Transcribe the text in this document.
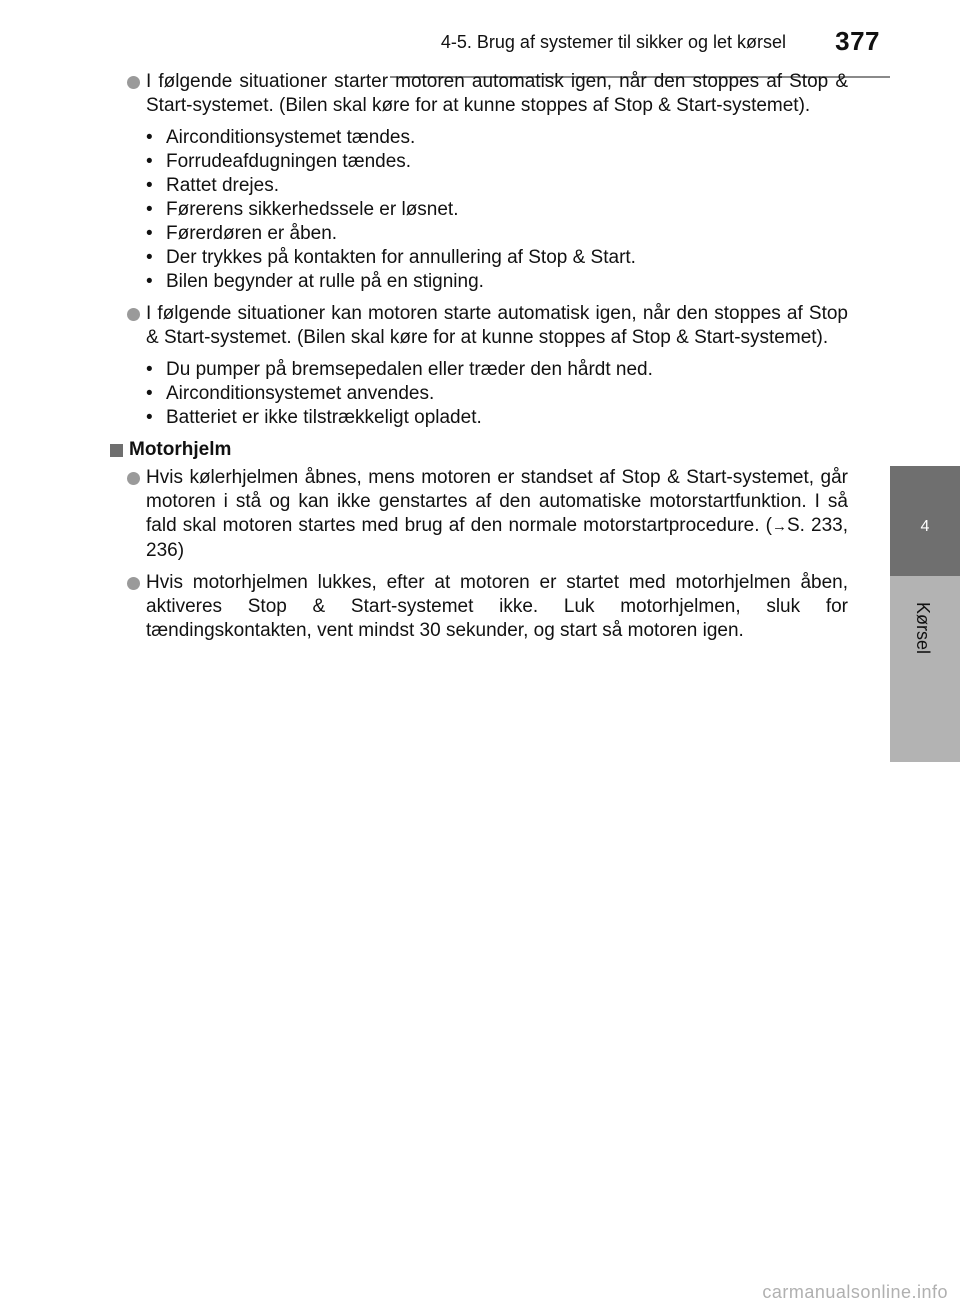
4-5. Brug af systemer til sikker og let kørsel 377
4
Kørsel
I følgende situationer starter motoren automatisk igen, når den stoppes af Stop & Start-systemet. (Bilen skal køre for at kunne stoppes af Stop & Start-systemet).
• Airconditionsystemet tændes.
• Forrudeafdugningen tændes.
• Rattet drejes.
• Førerens sikkerhedssele er løsnet.
• Førerdøren er åben.
• Der trykkes på kontakten for annullering af Stop & Start.
• Bilen begynder at rulle på en stigning.
I følgende situationer kan motoren starte automatisk igen, når den stoppes af Stop & Start-systemet. (Bilen skal køre for at kunne stoppes af Stop & Start-systemet).
• Du pumper på bremsepedalen eller træder den hårdt ned.
• Airconditionsystemet anvendes.
• Batteriet er ikke tilstrækkeligt opladet.
Motorhjelm
Hvis kølerhjelmen åbnes, mens motoren er standset af Stop & Start-systemet, går motoren i stå og kan ikke genstartes af den automatiske motorstartfunktion. I så fald skal motoren startes med brug af den normale motorstartprocedure. (→S. 233, 236)
Hvis motorhjelmen lukkes, efter at motoren er startet med motorhjelmen åben, aktiveres Stop & Start-systemet ikke. Luk motorhjelmen, sluk for tændingskontakten, vent mindst 30 sekunder, og start så motoren igen.
carmanualsonline.info
